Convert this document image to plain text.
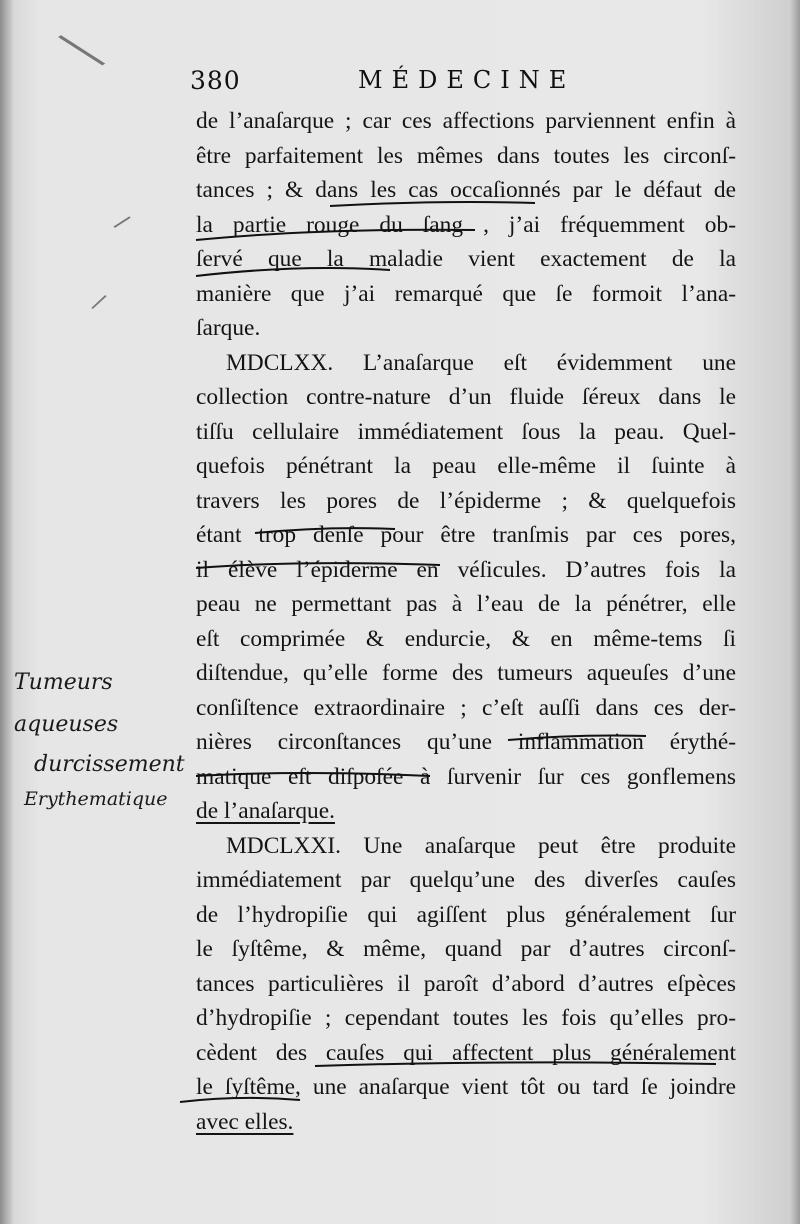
╲
/
/
380	MÉDECINE
de l’anaſarque ; car ces affections parviennent enfin à
être parfaitement les mêmes dans toutes les circonſ-
tances ; & dans les cas occaſionnés par le défaut de
la partie rouge du ſang , j’ai fréquemment ob-
ſervé que la maladie vient exactement de la
manière que j’ai remarqué que ſe formoit l’ana-
ſarque.
MDCLXX. L’anaſarque eſt évidemment une
collection contre-nature d’un fluide ſéreux dans le
tiſſu cellulaire immédiatement ſous la peau. Quel-
quefois pénétrant la peau elle-même il ſuinte à
travers les pores de l’épiderme ; & quelquefois
étant trop denſe pour être tranſmis par ces pores,
il élève l’épiderme en véſicules. D’autres fois la
peau ne permettant pas à l’eau de la pénétrer, elle
eſt comprimée & endurcie, & en même-tems ſi
diſtendue, qu’elle forme des tumeurs aqueuſes d’une
conſiſtence extraordinaire ; c’eſt auſſi dans ces der-
nières circonſtances qu’une inflammation érythé-
matique eſt diſpoſée à ſurvenir ſur ces gonflemens
de l’anaſarque.
MDCLXXI. Une anaſarque peut être produite
immédiatement par quelqu’une des diverſes cauſes
de l’hydropiſie qui agiſſent plus généralement ſur
le ſyſtême, & même, quand par d’autres circonſ-
tances particulières il paroît d’abord d’autres eſpèces
d’hydropiſie ; cependant toutes les fois qu’elles pro-
cèdent des cauſes qui affectent plus généralement
le ſyſtême, une anaſarque vient tôt ou tard ſe joindre
avec elles.
Tumeurs
aqueuses
durcissement
Erythematique
